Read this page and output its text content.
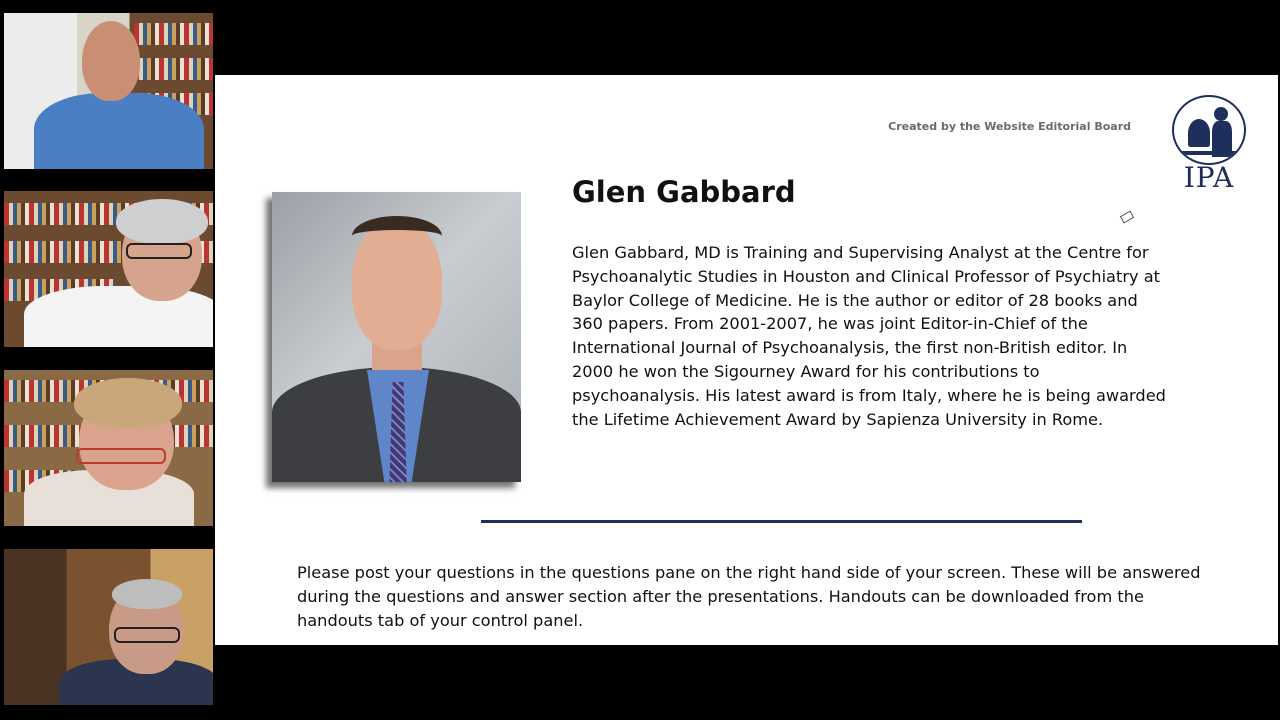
Created by the Website Editorial Board
IPA
Glen Gabbard
Glen Gabbard, MD is Training and Supervising Analyst at the Centre for Psychoanalytic Studies in Houston and Clinical Professor of Psychiatry at Baylor College of Medicine. He is the author or editor of 28 books and 360 papers. From 2001-2007, he was joint Editor-in-Chief of the International Journal of Psychoanalysis, the first non-British editor. In 2000 he won the Sigourney Award for his contributions to psychoanalysis. His latest award is from Italy, where he is being awarded the Lifetime Achievement Award by Sapienza University in Rome.
Please post your questions in the questions pane on the right hand side of your screen. These will be answered during the questions and answer section after the presentations. Handouts can be downloaded from the handouts tab of your control panel.
